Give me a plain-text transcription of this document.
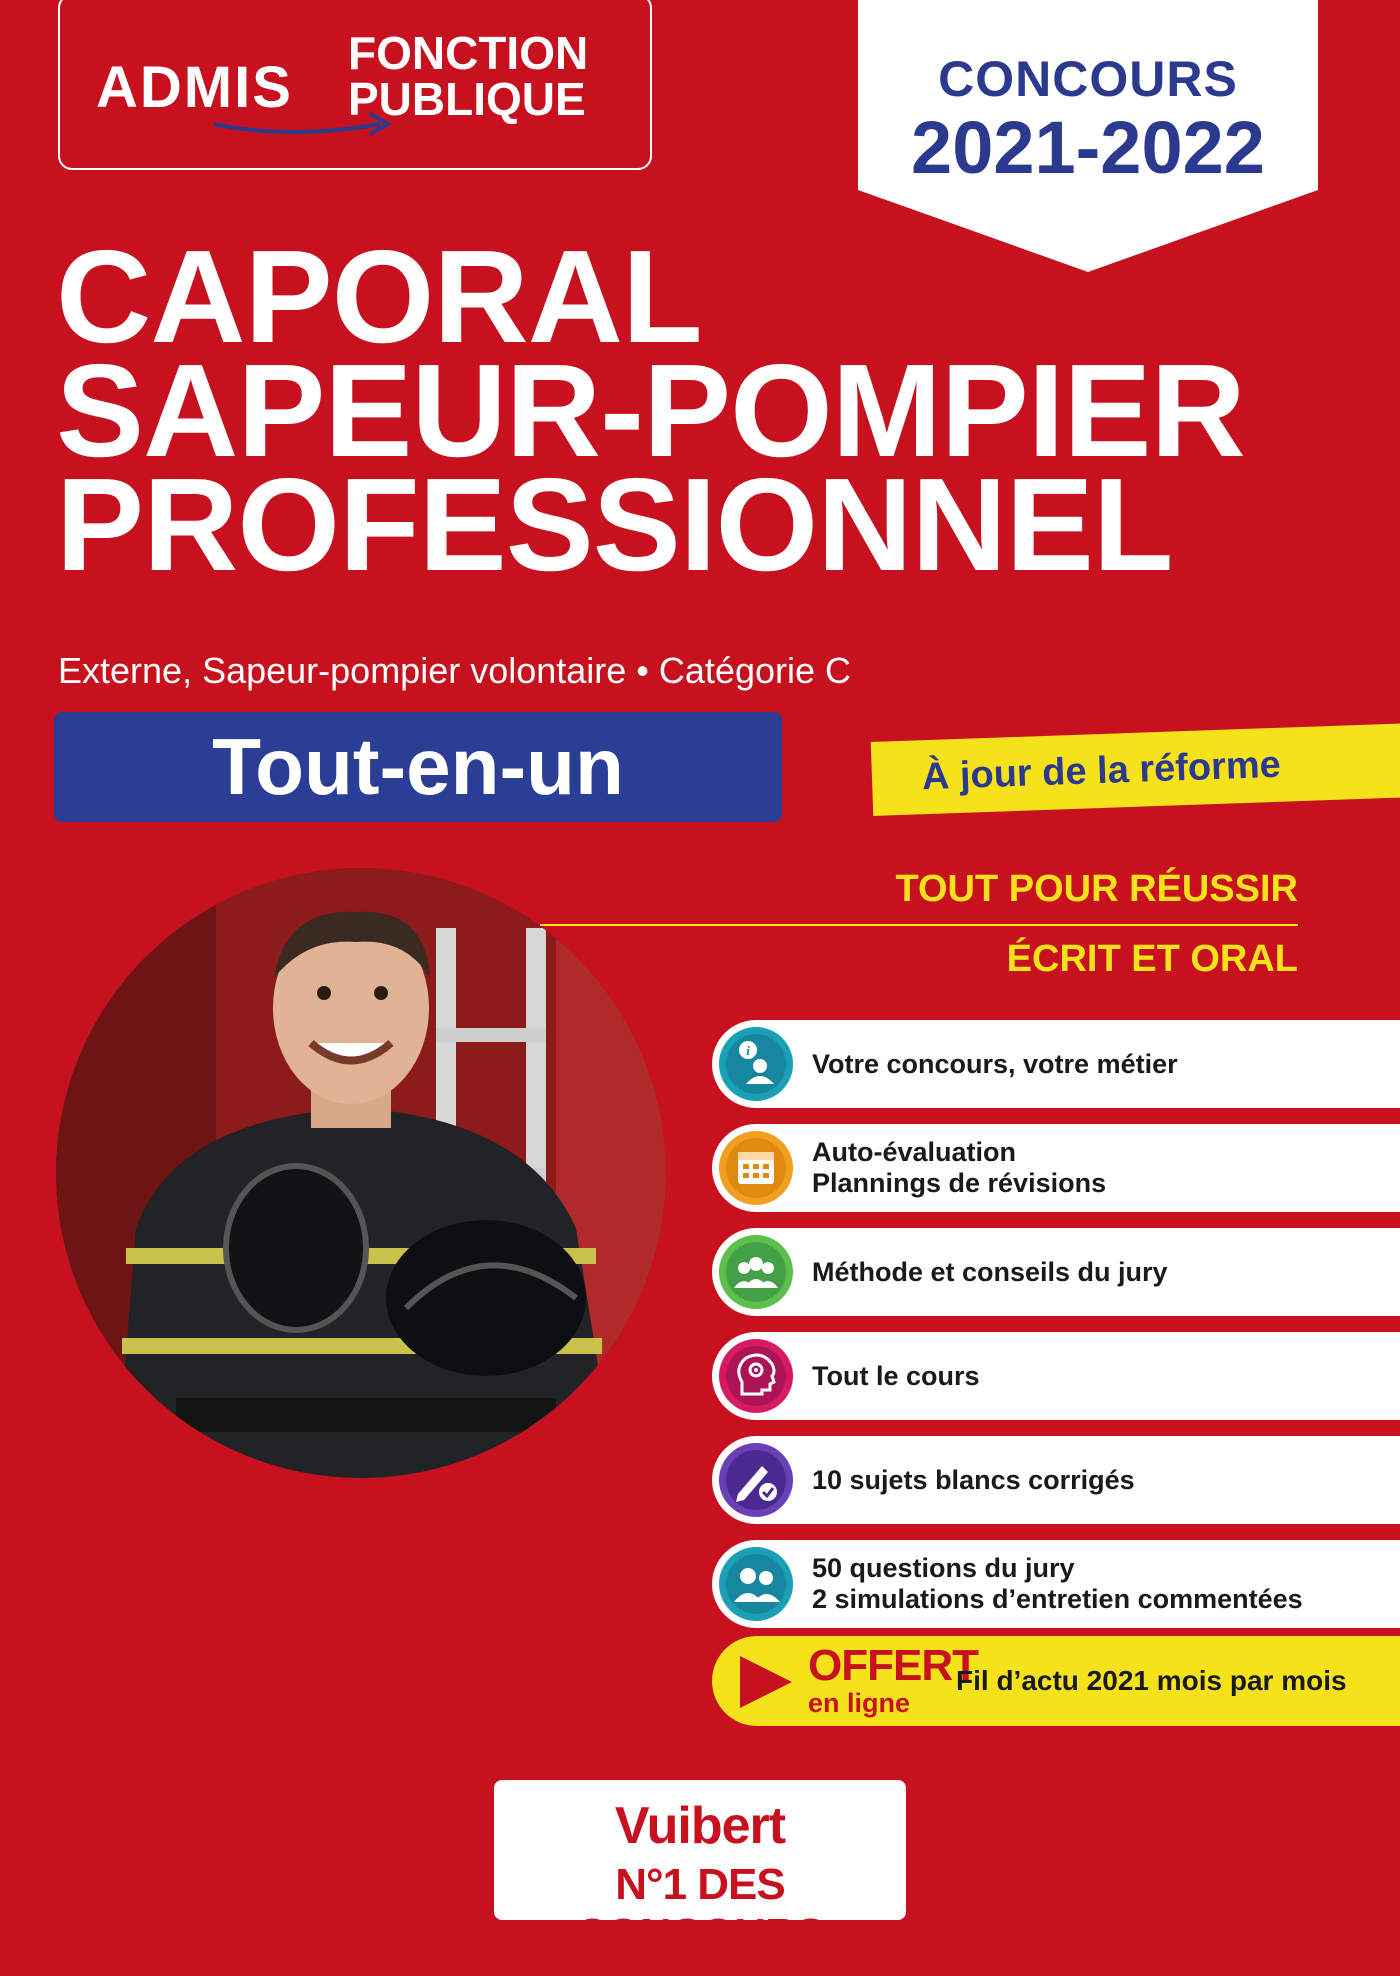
ADMIS
FONCTION
PUBLIQUE	CONCOURS
2021-2022
CAPORAL
SAPEUR-POMPIER
PROFESSIONNEL
Externe, Sapeur-pompier volontaire • Catégorie C
Tout-en-un	À jour de la réforme
TOUT POUR RÉUSSIR
ÉCRIT ET ORAL
i Votre concours, votre métier
Auto-évaluation
Plannings de révisions
Méthode et conseils du jury
Tout le cours
10 sujets blancs corrigés
50 questions du jury
2 simulations d’entretien commentées
OFFERT
en ligne
Fil d’actu 2021 mois par mois
Vuibert
N°1 DES CONCOURS
